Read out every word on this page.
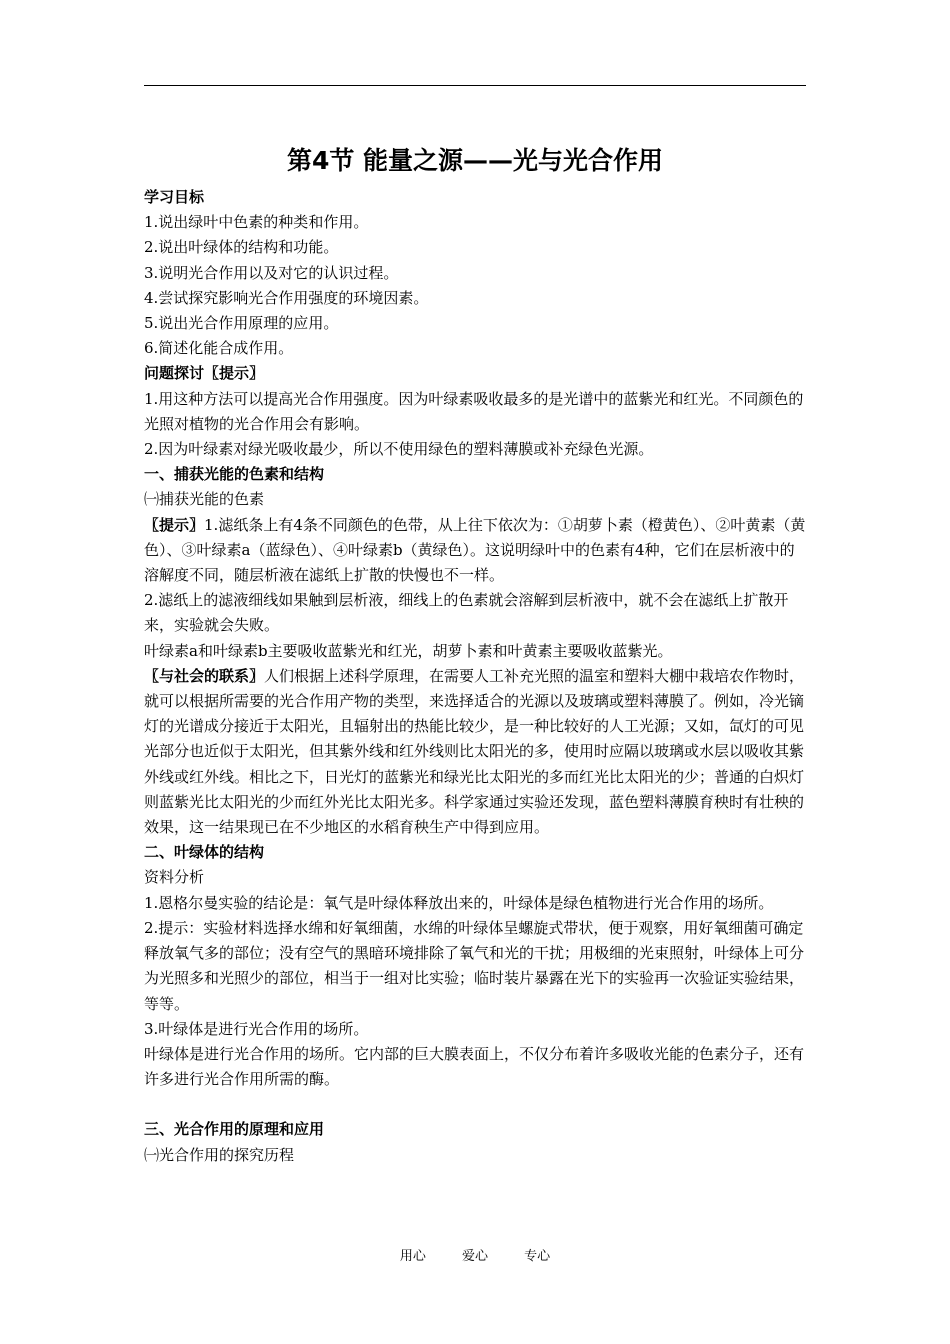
第4节 能量之源——光与光合作用

学习目标

1.说出绿叶中色素的种类和作用。

2.说出叶绿体的结构和功能。

3.说明光合作用以及对它的认识过程。

4.尝试探究影响光合作用强度的环境因素。

5.说出光合作用原理的应用。

6.简述化能合成作用。

问题探讨〖提示〗

1.用这种方法可以提高光合作用强度。因为叶绿素吸收最多的是光谱中的蓝紫光和红光。不同颜色的光照对植物的光合作用会有影响。

2.因为叶绿素对绿光吸收最少，所以不使用绿色的塑料薄膜或补充绿色光源。

一、捕获光能的色素和结构

㈠捕获光能的色素

〖提示〗1.滤纸条上有4条不同颜色的色带，从上往下依次为：①胡萝卜素（橙黄色）、②叶黄素（黄色）、③叶绿素a（蓝绿色）、④叶绿素b（黄绿色）。这说明绿叶中的色素有4种，它们在层析液中的溶解度不同，随层析液在滤纸上扩散的快慢也不一样。

2.滤纸上的滤液细线如果触到层析液，细线上的色素就会溶解到层析液中，就不会在滤纸上扩散开来，实验就会失败。

叶绿素a和叶绿素b主要吸收蓝紫光和红光，胡萝卜素和叶黄素主要吸收蓝紫光。

〖与社会的联系〗人们根据上述科学原理，在需要人工补充光照的温室和塑料大棚中栽培农作物时，就可以根据所需要的光合作用产物的类型，来选择适合的光源以及玻璃或塑料薄膜了。例如，冷光镝灯的光谱成分接近于太阳光，且辐射出的热能比较少，是一种比较好的人工光源；又如，氙灯的可见光部分也近似于太阳光，但其紫外线和红外线则比太阳光的多，使用时应隔以玻璃或水层以吸收其紫外线或红外线。相比之下，日光灯的蓝紫光和绿光比太阳光的多而红光比太阳光的少；普通的白炽灯则蓝紫光比太阳光的少而红外光比太阳光多。科学家通过实验还发现，蓝色塑料薄膜育秧时有壮秧的效果，这一结果现已在不少地区的水稻育秧生产中得到应用。

二、叶绿体的结构

资料分析

1.恩格尔曼实验的结论是：氧气是叶绿体释放出来的，叶绿体是绿色植物进行光合作用的场所。

2.提示：实验材料选择水绵和好氧细菌，水绵的叶绿体呈螺旋式带状，便于观察，用好氧细菌可确定释放氧气多的部位；没有空气的黑暗环境排除了氧气和光的干扰；用极细的光束照射，叶绿体上可分为光照多和光照少的部位，相当于一组对比实验；临时装片暴露在光下的实验再一次验证实验结果，等等。

3.叶绿体是进行光合作用的场所。

叶绿体是进行光合作用的场所。它内部的巨大膜表面上，不仅分布着许多吸收光能的色素分子，还有许多进行光合作用所需的酶。

三、光合作用的原理和应用

㈠光合作用的探究历程

用心	爱心	专心
